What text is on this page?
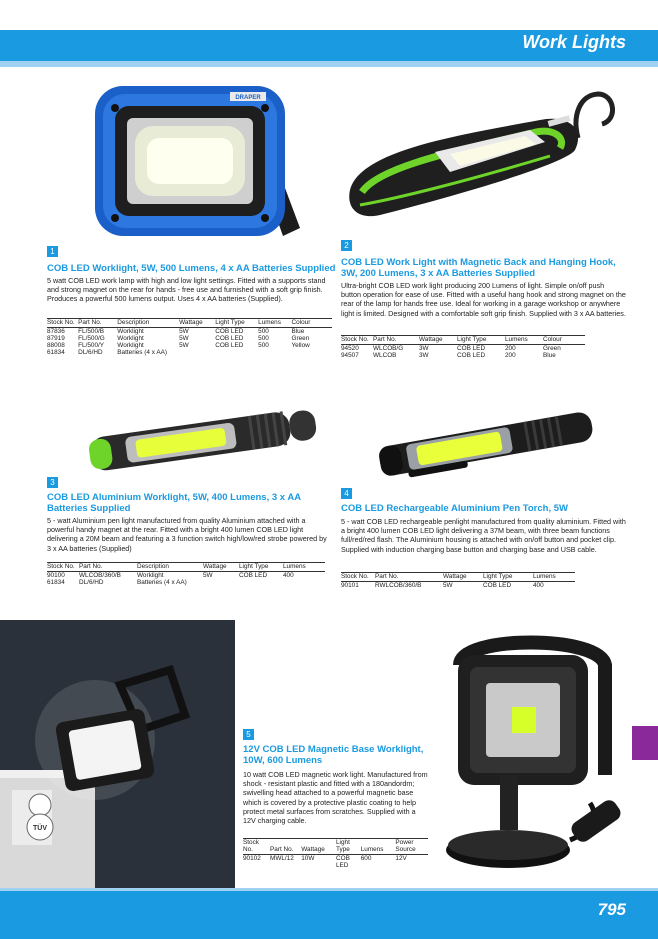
Work Lights
DRAPER
1
COB LED Worklight, 5W, 500 Lumens, 4 x AA Batteries Supplied
5 watt COB LED work lamp with high and low light settings. Fitted with a supports stand and strong magnet on the rear for hands - free use and furnished with a soft grip finish. Produces a powerful 500 lumens output. Uses 4 x AA batteries (Supplied).
Stock No.	Part No.	Description	Wattage	Light Type	Lumens	Colour
87836	FL/500/B	Worklight	5W	COB LED	500	Blue
87919	FL/500/G	Worklight	5W	COB LED	500	Green
88008	FL/500/Y	Worklight	5W	COB LED	500	Yellow
61834	DL/6/HD	Batteries (4 x AA)				
2
COB LED Work Light with Magnetic Back and Hanging Hook, 3W, 200 Lumens, 3 x AA Batteries Supplied
Ultra-bright COB LED work light producing 200 Lumens of light. Simple on/off push button operation for ease of use. Fitted with a useful hang hook and strong magnet on the rear of the lamp for hands free use. Ideal for working in a garage workshop or anywhere light is limited. Designed with a comfortable soft grip finish. Supplied with 3 x AA batteries.
Stock No.	Part No.	Wattage	Light Type	Lumens	Colour
94520	WLCOB/G	3W	COB LED	200	Green
94507	WLCOB	3W	COB LED	200	Blue
3
COB LED Aluminium Worklight, 5W, 400 Lumens, 3 x AA Batteries Supplied
5 - watt Aluminium pen light manufactured from quality Aluminium attached with a powerful handy magnet at the rear. Fitted with a bright 400 lumen COB LED light delivering a 20M beam and featuring a 3 function switch high/low/red strobe powered by 3 x AA batteries (Supplied)
Stock No.	Part No.	Description	Wattage	Light Type	Lumens
90100	WLCOB/360/B	Worklight	5W	COB LED	400
61834	DL/6/HD	Batteries (4 x AA)			
4
COB LED Rechargeable Aluminium Pen Torch, 5W
5 - watt COB LED rechargeable penlight manufactured from quality aluminium. Fitted with a bright 400 lumen COB LED light delivering a 37M beam, with three beam functions full/red/red flash. The Aluminium housing is attached with on/off button and pocket clip. Supplied with induction charging base button and charging base and USB cable.
Stock No.	Part No.	Wattage	Light Type	Lumens
90101	RWLCOB/360/B	5W	COB LED	400
TÜV
5
12V COB LED Magnetic Base Worklight, 10W, 600 Lumens
10 watt COB LED magnetic work light. Manufactured from shock - resistant plastic and fitted with a 180andordm; swivelling head attached to a powerful magnetic base which is covered by a protective plastic coating to help protect metal surfaces from scratches. Supplied with a 12V charging cable.
Stock No.	Part No.	Wattage	Light Type	Lumens	Power Source
90102	MWL/12	10W	COB LED	600	12V
795
